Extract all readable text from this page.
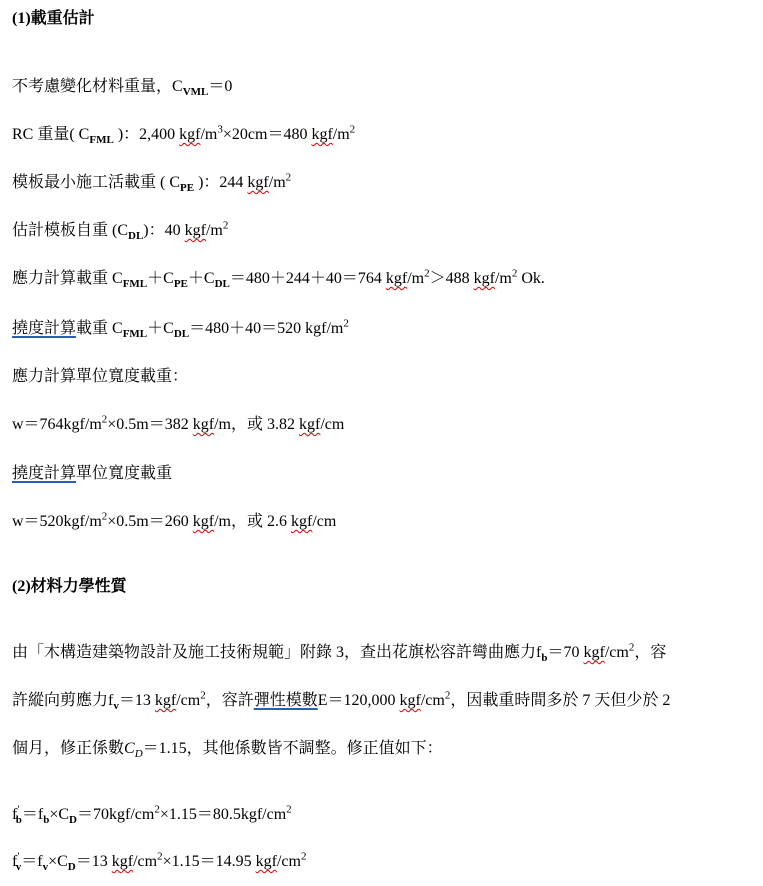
(1)載重估計
不考慮變化材料重量，$C_{VML}=0$
RC 重量( $C_{FML}$ )：2,400 kgf/$m^3\times 20cm=480$ kgf/$m^2$
模板最小施工活載重 ( $C_{PE}$ )：244 kgf/$m^2$
估計模板自重 $(C_{DL})$：40 kgf/$m^2$
應力計算載重 $C_{FML}+C_{PE}+C_{DL}=480+244+40=764$ kgf/$m^2>488$ kgf/$m^2$ Ok.
撓度計算載重 $C_{FML}+C_{DL}=480+40=520$ kgf/$m^2$
應力計算單位寬度載重：
$w=764kgf/m^2\times 0.5m=382$ kgf/m，或 3.82 kgf/cm
撓度計算單位寬度載重
$w=520kgf/m^2\times 0.5m=260$ kgf/m，或 2.6 kgf/cm
(2)材料力學性質
由「木構造建築物設計及施工技術規範」附錄 3，查出花旗松容許彎曲應力$f_b=70$ kgf/$cm^2$，容
許縱向剪應力$f_v=13$ kgf/$cm^2$，容許彈性模數E＝120,000 kgf/$cm^2$，因載重時間多於 7 天但少於 2
個月，修正係數$C_D=1.15$，其他係數皆不調整。修正值如下：
$f'_b=f_b\times C_D=70kgf/cm^2\times 1.15=80.5kgf/cm^2$
$f'_v=f_v\times C_D=13$ kgf/$cm^2\times 1.15=14.95$ kgf/$cm^2$
